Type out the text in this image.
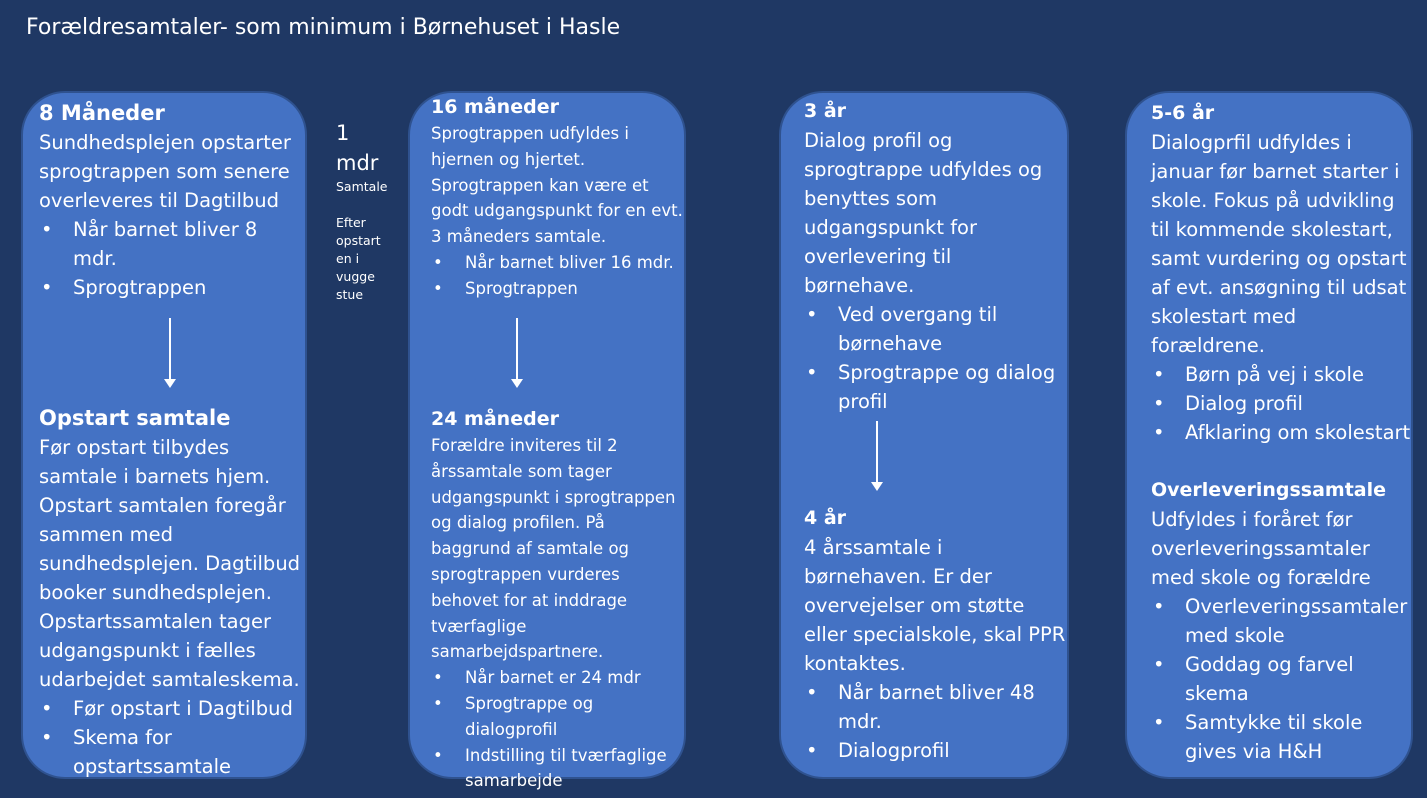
Forældresamtaler- som minimum i Børnehuset i Hasle
1
mdr
Samtale
Efter
opstart
en i
vugge
stue

8 Måneder

Sundhedsplejen opstarter sprogtrappen som senere overleveres til Dagtilbud

• Når barnet bliver 8 mdr.
• Sprogtrappen

Opstart samtale

Før opstart tilbydes samtale i barnets hjem. Opstart samtalen foregår sammen med sundhedsplejen. Dagtilbud booker sundhedsplejen. Opstartssamtalen tager udgangspunkt i fælles udarbejdet samtaleskema.

• Før opstart i Dagtilbud
• Skema for opstartssamtale

16 måneder

Sprogtrappen udfyldes i hjernen og hjertet. Sprogtrappen kan være et godt udgangspunkt for en evt. 3 måneders samtale.

• Når barnet bliver 16 mdr.
• Sprogtrappen

24 måneder

Forældre inviteres til 2 årssamtale som tager udgangspunkt i sprogtrappen og dialog profilen. På baggrund af samtale og sprogtrappen vurderes behovet for at inddrage tværfaglige samarbejdspartnere.

• Når barnet er 24 mdr
• Sprogtrappe og dialogprofil
• Indstilling til tværfaglige samarbejde

3 år

Dialog profil og sprogtrappe udfyldes og benyttes som udgangspunkt for overlevering til børnehave.

• Ved overgang til børnehave
• Sprogtrappe og dialog profil

4 år

4 årssamtale i børnehaven. Er der overvejelser om støtte eller specialskole, skal PPR kontaktes.

• Når barnet bliver 48 mdr.
• Dialogprofil

5-6 år

Dialogprfil udfyldes i januar før barnet starter i skole. Fokus på udvikling til kommende skolestart, samt vurdering og opstart af evt. ansøgning til udsat skolestart med forældrene.

• Børn på vej i skole
• Dialog profil
• Afklaring om skolestart

Overleveringssamtale

Udfyldes i foråret før overleveringssamtaler med skole og forældre

• Overleveringssamtaler med skole
• Goddag og farvel skema
• Samtykke til skole gives via H&H
